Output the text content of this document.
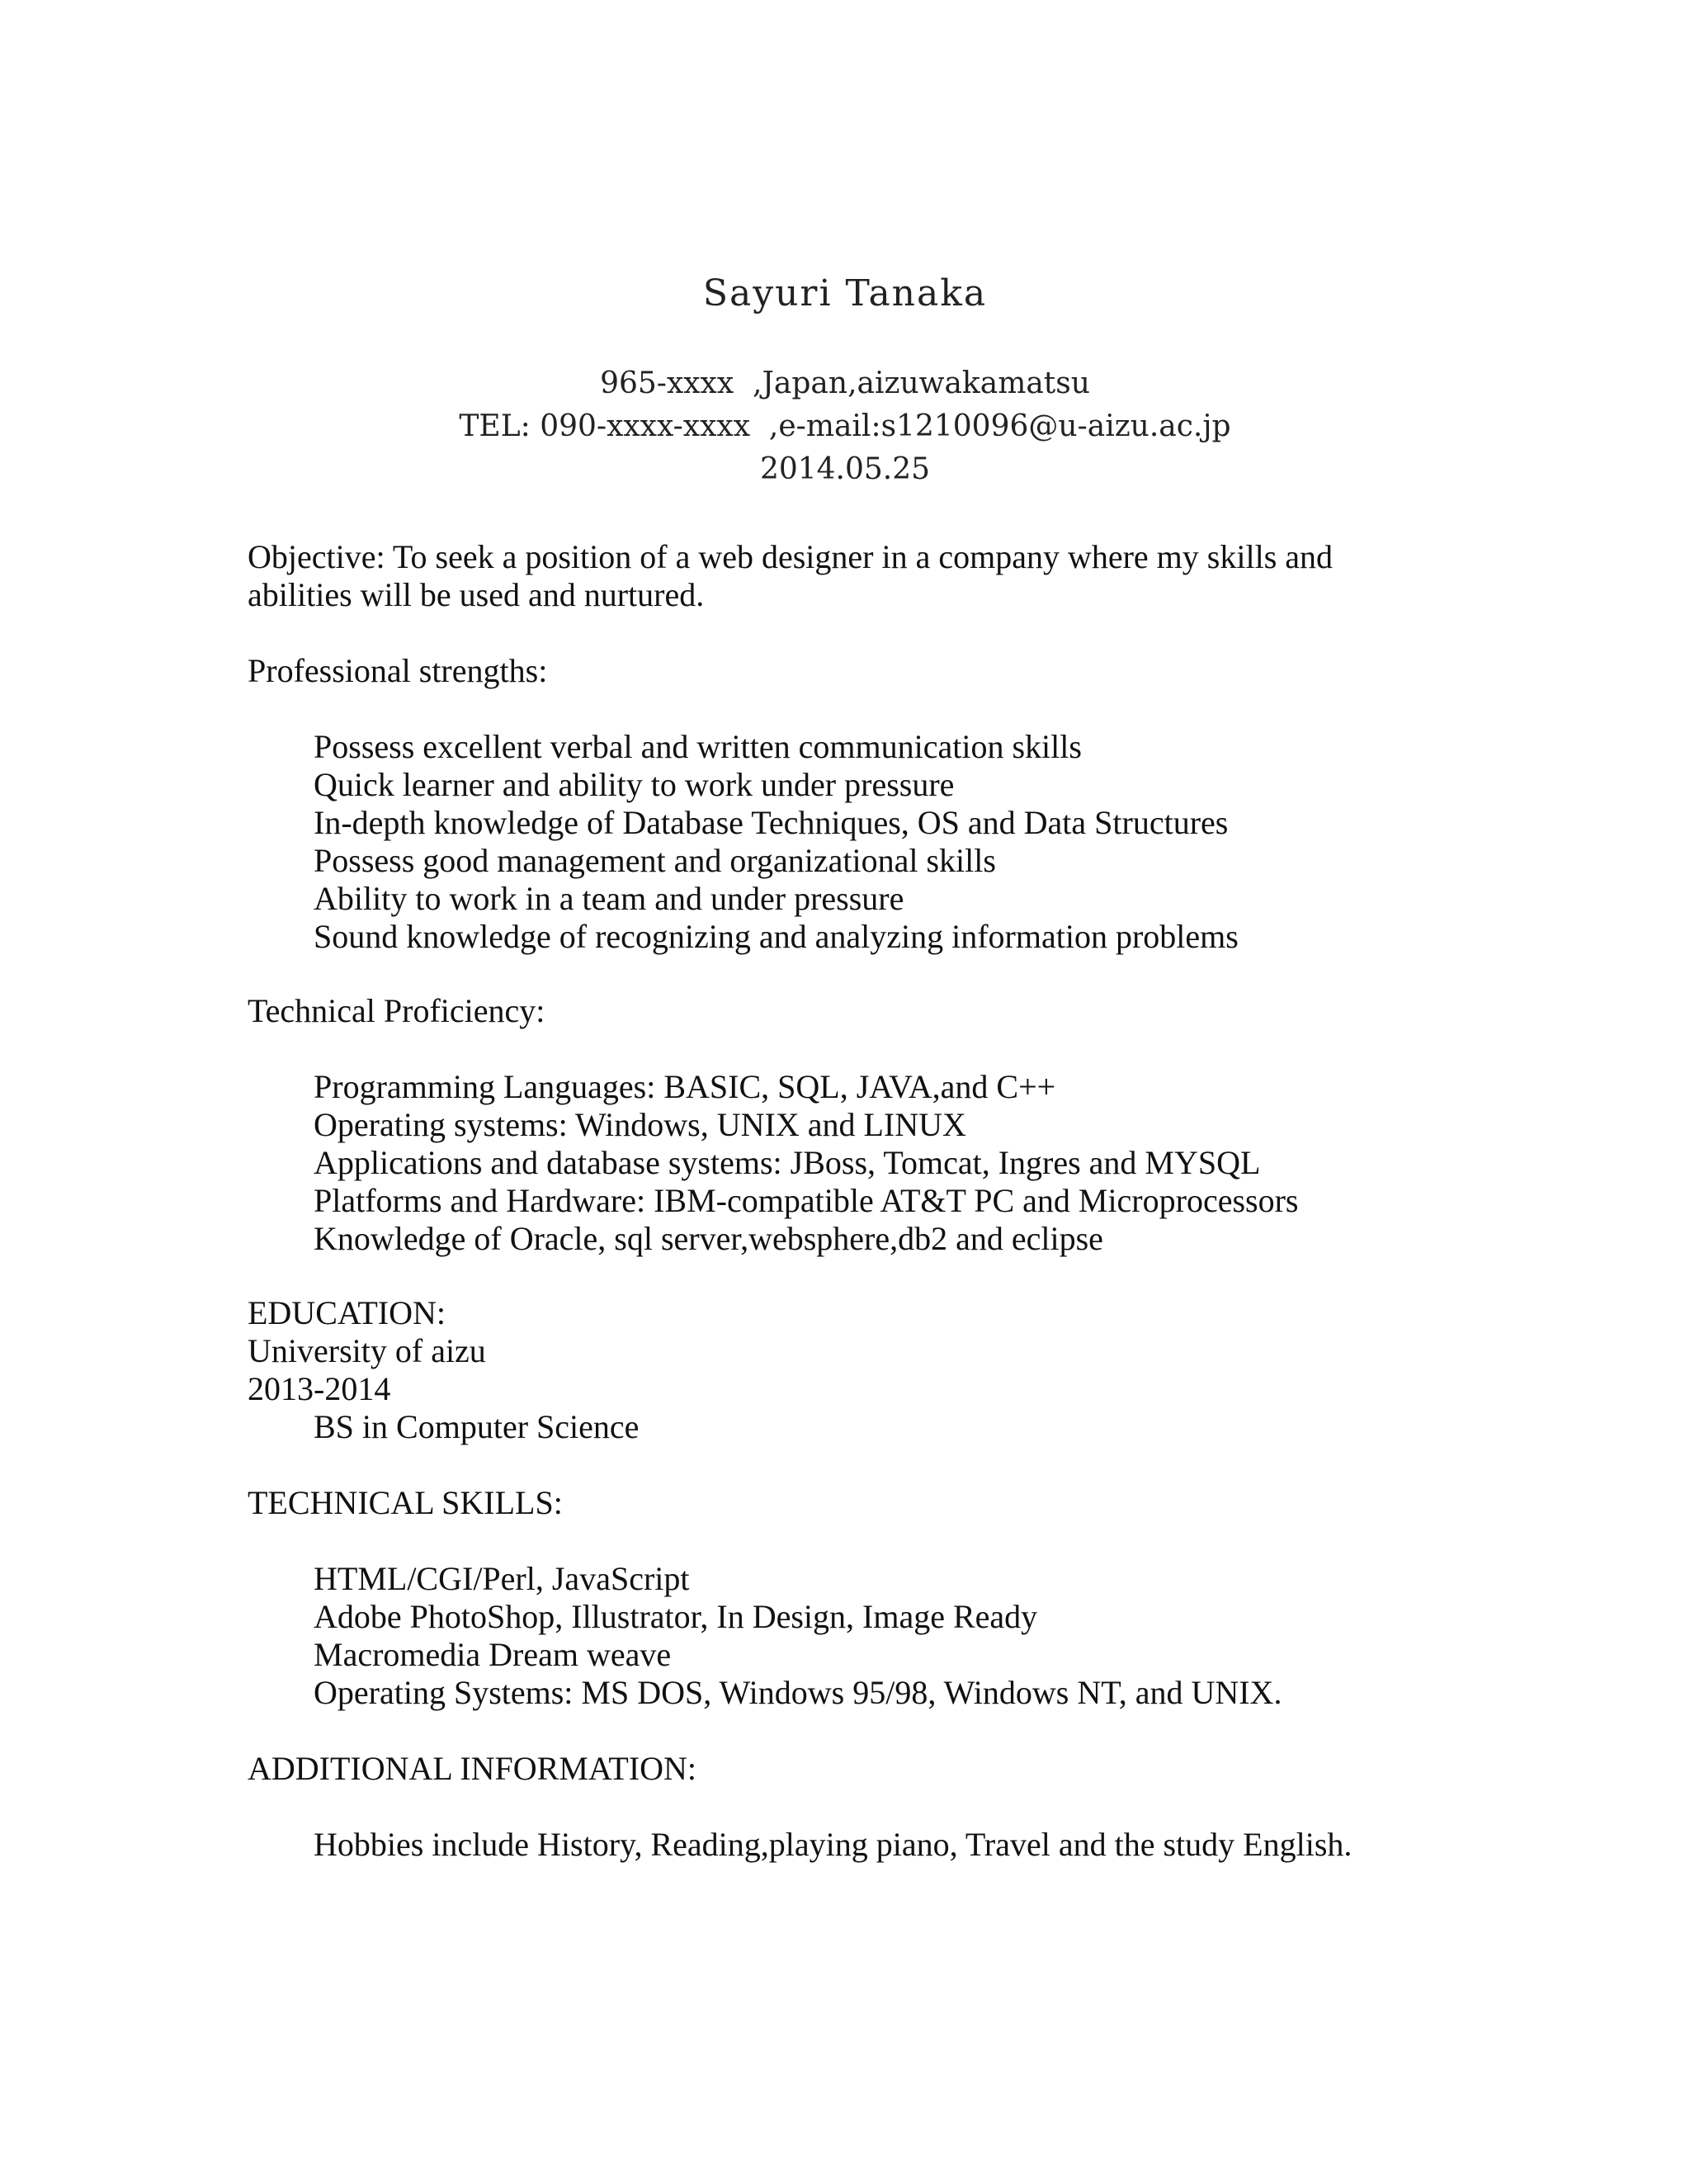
Sayuri Tanaka
965-xxxx  ,Japan,aizuwakamatsu
TEL: 090-xxxx-xxxx  ,e-mail:s1210096@u-aizu.ac.jp
2014.05.25
Objective: To seek a position of a web designer in a company where my skills and abilities will be used and nurtured.
Professional strengths:
Possess excellent verbal and written communication skills
Quick learner and ability to work under pressure
In-depth knowledge of Database Techniques, OS and Data Structures
Possess good management and organizational skills
Ability to work in a team and under pressure
Sound knowledge of recognizing and analyzing information problems
Technical Proficiency:
Programming Languages: BASIC, SQL, JAVA,and C++
Operating systems: Windows, UNIX and LINUX
Applications and database systems: JBoss, Tomcat, Ingres and MYSQL
Platforms and Hardware: IBM-compatible AT&T PC and Microprocessors
Knowledge of Oracle, sql server,websphere,db2 and eclipse
EDUCATION:
University of aizu
2013-2014
BS in Computer Science
TECHNICAL SKILLS:
HTML/CGI/Perl, JavaScript
Adobe PhotoShop, Illustrator, In Design, Image Ready
Macromedia Dream weave
Operating Systems: MS DOS, Windows 95/98, Windows NT, and UNIX.
ADDITIONAL INFORMATION:
Hobbies include History, Reading,playing piano, Travel and the study English.
